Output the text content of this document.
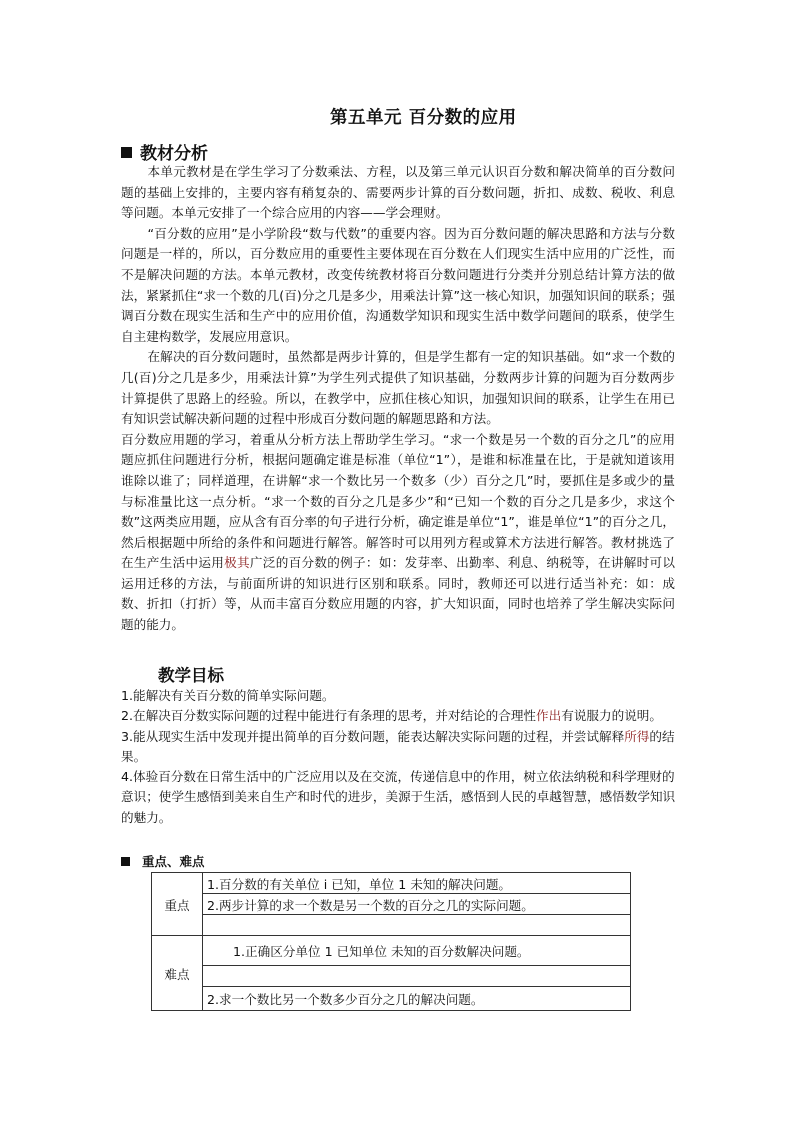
第五单元 百分数的应用
教材分析

本单元教材是在学生学习了分数乘法、方程，以及第三单元认识百分数和解决简单的百分数问题的基础上安排的，主要内容有稍复杂的、需要两步计算的百分数问题，折扣、成数、税收、利息等问题。本单元安排了一个综合应用的内容——学会理财。

“百分数的应用”是小学阶段“数与代数”的重要内容。因为百分数问题的解决思路和方法与分数问题是一样的，所以，百分数应用的重要性主要体现在百分数在人们现实生活中应用的广泛性，而不是解决问题的方法。本单元教材，改变传统教材将百分数问题进行分类并分别总结计算方法的做法，紧紧抓住“求一个数的几(百)分之几是多少，用乘法计算”这一核心知识，加强知识间的联系；强调百分数在现实生活和生产中的应用价值，沟通数学知识和现实生活中数学问题间的联系，使学生自主建构数学，发展应用意识。

在解决的百分数问题时，虽然都是两步计算的，但是学生都有一定的知识基础。如“求一个数的几(百)分之几是多少，用乘法计算”为学生列式提供了知识基础，分数两步计算的问题为百分数两步计算提供了思路上的经验。所以，在教学中，应抓住核心知识，加强知识间的联系，让学生在用已有知识尝试解决新问题的过程中形成百分数问题的解题思路和方法。

百分数应用题的学习，着重从分析方法上帮助学生学习。“求一个数是另一个数的百分之几”的应用题应抓住问题进行分析，根据问题确定谁是标准（单位“1”），是谁和标准量在比，于是就知道该用谁除以谁了；同样道理，在讲解“求一个数比另一个数多（少）百分之几”时，要抓住是多或少的量与标准量比这一点分析。“求一个数的百分之几是多少”和“已知一个数的百分之几是多少，求这个数”这两类应用题，应从含有百分率的句子进行分析，确定谁是单位“1”，谁是单位“1”的百分之几，然后根据题中所给的条件和问题进行解答。解答时可以用列方程或算术方法进行解答。教材挑选了在生产生活中运用极其广泛的百分数的例子：如：发芽率、出勤率、利息、纳税等，在讲解时可以运用迁移的方法，与前面所讲的知识进行区别和联系。同时，教师还可以进行适当补充：如：成数、折扣（打折）等，从而丰富百分数应用题的内容，扩大知识面，同时也培养了学生解决实际问题的能力。

教学目标

1.能解决有关百分数的简单实际问题。

2.在解决百分数实际问题的过程中能进行有条理的思考，并对结论的合理性作出有说服力的说明。

3.能从现实生活中发现并提出简单的百分数问题，能表达解决实际问题的过程，并尝试解释所得的结果。

4.体验百分数在日常生活中的广泛应用以及在交流，传递信息中的作用，树立依法纳税和科学理财的意识；使学生感悟到美来自生产和时代的进步，美源于生活，感悟到人民的卓越智慧，感悟数学知识的魅力。

重点、难点
重点	1.百分数的有关单位 i 已知，单位 1 未知的解决问题。
	2.两步计算的求一个数是另一个数的百分之几的实际问题。

难点	1.正确区分单位 1 已知单位 未知的百分数解决问题。

	2.求一个数比另一个数多少百分之几的解决问题。
